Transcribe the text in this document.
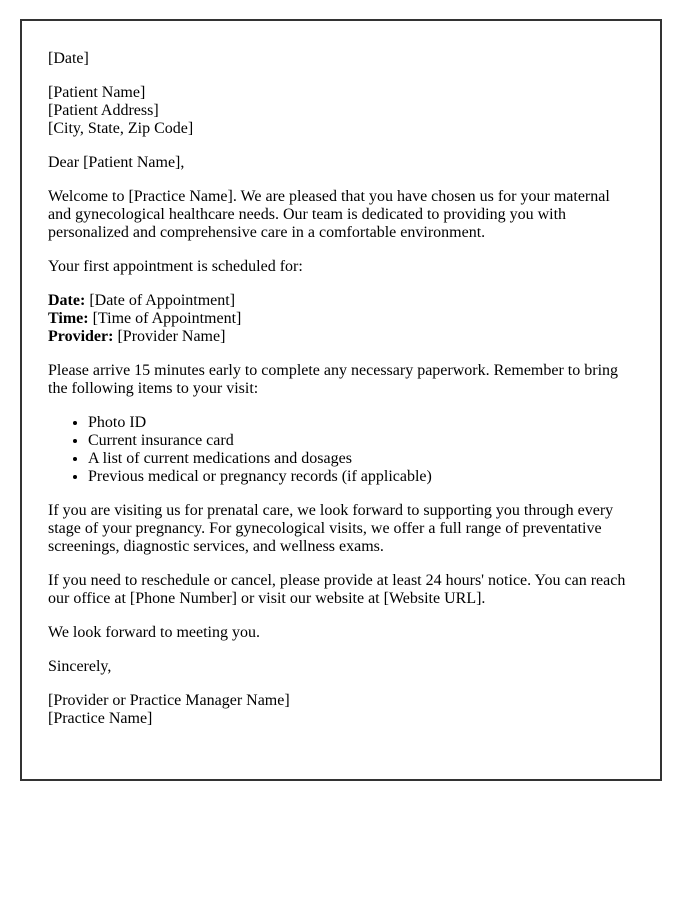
[Date]

[Patient Name]
[Patient Address]
[City, State, Zip Code]

Dear [Patient Name],

Welcome to [Practice Name]. We are pleased that you have chosen us for your maternal and gynecological healthcare needs. Our team is dedicated to providing you with personalized and comprehensive care in a comfortable environment.

Your first appointment is scheduled for:

Date: [Date of Appointment]
Time: [Time of Appointment]
Provider: [Provider Name]

Please arrive 15 minutes early to complete any necessary paperwork. Remember to bring the following items to your visit:

• Photo ID
• Current insurance card
• A list of current medications and dosages
• Previous medical or pregnancy records (if applicable)

If you are visiting us for prenatal care, we look forward to supporting you through every stage of your pregnancy. For gynecological visits, we offer a full range of preventative screenings, diagnostic services, and wellness exams.

If you need to reschedule or cancel, please provide at least 24 hours' notice. You can reach our office at [Phone Number] or visit our website at [Website URL].

We look forward to meeting you.

Sincerely,

[Provider or Practice Manager Name]
[Practice Name]
